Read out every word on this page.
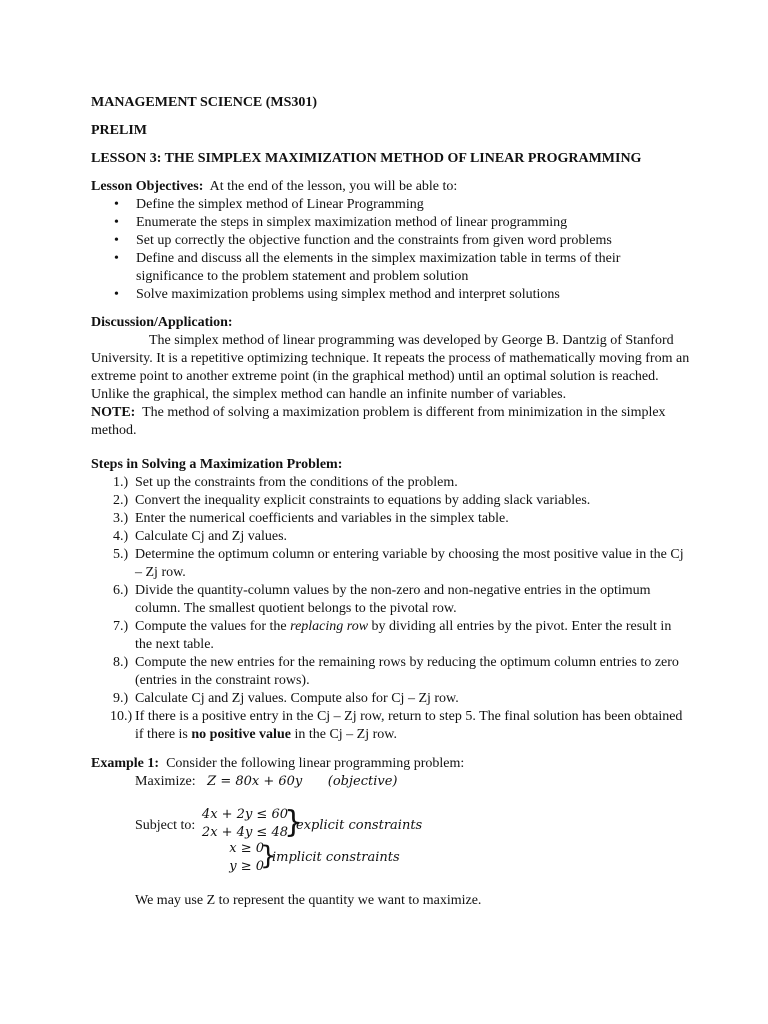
MANAGEMENT SCIENCE (MS301)
PRELIM
LESSON 3: THE SIMPLEX MAXIMIZATION METHOD OF LINEAR PROGRAMMING
Lesson Objectives:  At the end of the lesson, you will be able to:
• Define the simplex method of Linear Programming
• Enumerate the steps in simplex maximization method of linear programming
• Set up correctly the objective function and the constraints from given word problems
• Define and discuss all the elements in the simplex maximization table in terms of their significance to the problem statement and problem solution
• Solve maximization problems using simplex method and interpret solutions
Discussion/Application:
The simplex method of linear programming was developed by George B. Dantzig of Stanford University. It is a repetitive optimizing technique. It repeats the process of mathematically moving from an extreme point to another extreme point (in the graphical method) until an optimal solution is reached. Unlike the graphical, the simplex method can handle an infinite number of variables.
NOTE:  The method of solving a maximization problem is different from minimization in the simplex method.
Steps in Solving a Maximization Problem:
1.) Set up the constraints from the conditions of the problem.
2.) Convert the inequality explicit constraints to equations by adding slack variables.
3.) Enter the numerical coefficients and variables in the simplex table.
4.) Calculate Cj and Zj values.
5.) Determine the optimum column or entering variable by choosing the most positive value in the Cj – Zj row.
6.) Divide the quantity-column values by the non-zero and non-negative entries in the optimum column. The smallest quotient belongs to the pivotal row.
7.) Compute the values for the replacing row by dividing all entries by the pivot. Enter the result in the next table.
8.) Compute the new entries for the remaining rows by reducing the optimum column entries to zero (entries in the constraint rows).
9.) Calculate Cj and Zj values. Compute also for Cj – Zj row.
10.) If there is a positive entry in the Cj – Zj row, return to step 5. The final solution has been obtained if there is no positive value in the Cj – Zj row.
Example 1:  Consider the following linear programming problem:
Maximize: Z = 80x + 60y (objective)
Subject to:
4x + 2y ≤ 60
2x + 4y ≤ 48
}
explicit constraints
x ≥ 0
y ≥ 0
}
implicit constraints
We may use Z to represent the quantity we want to maximize.
